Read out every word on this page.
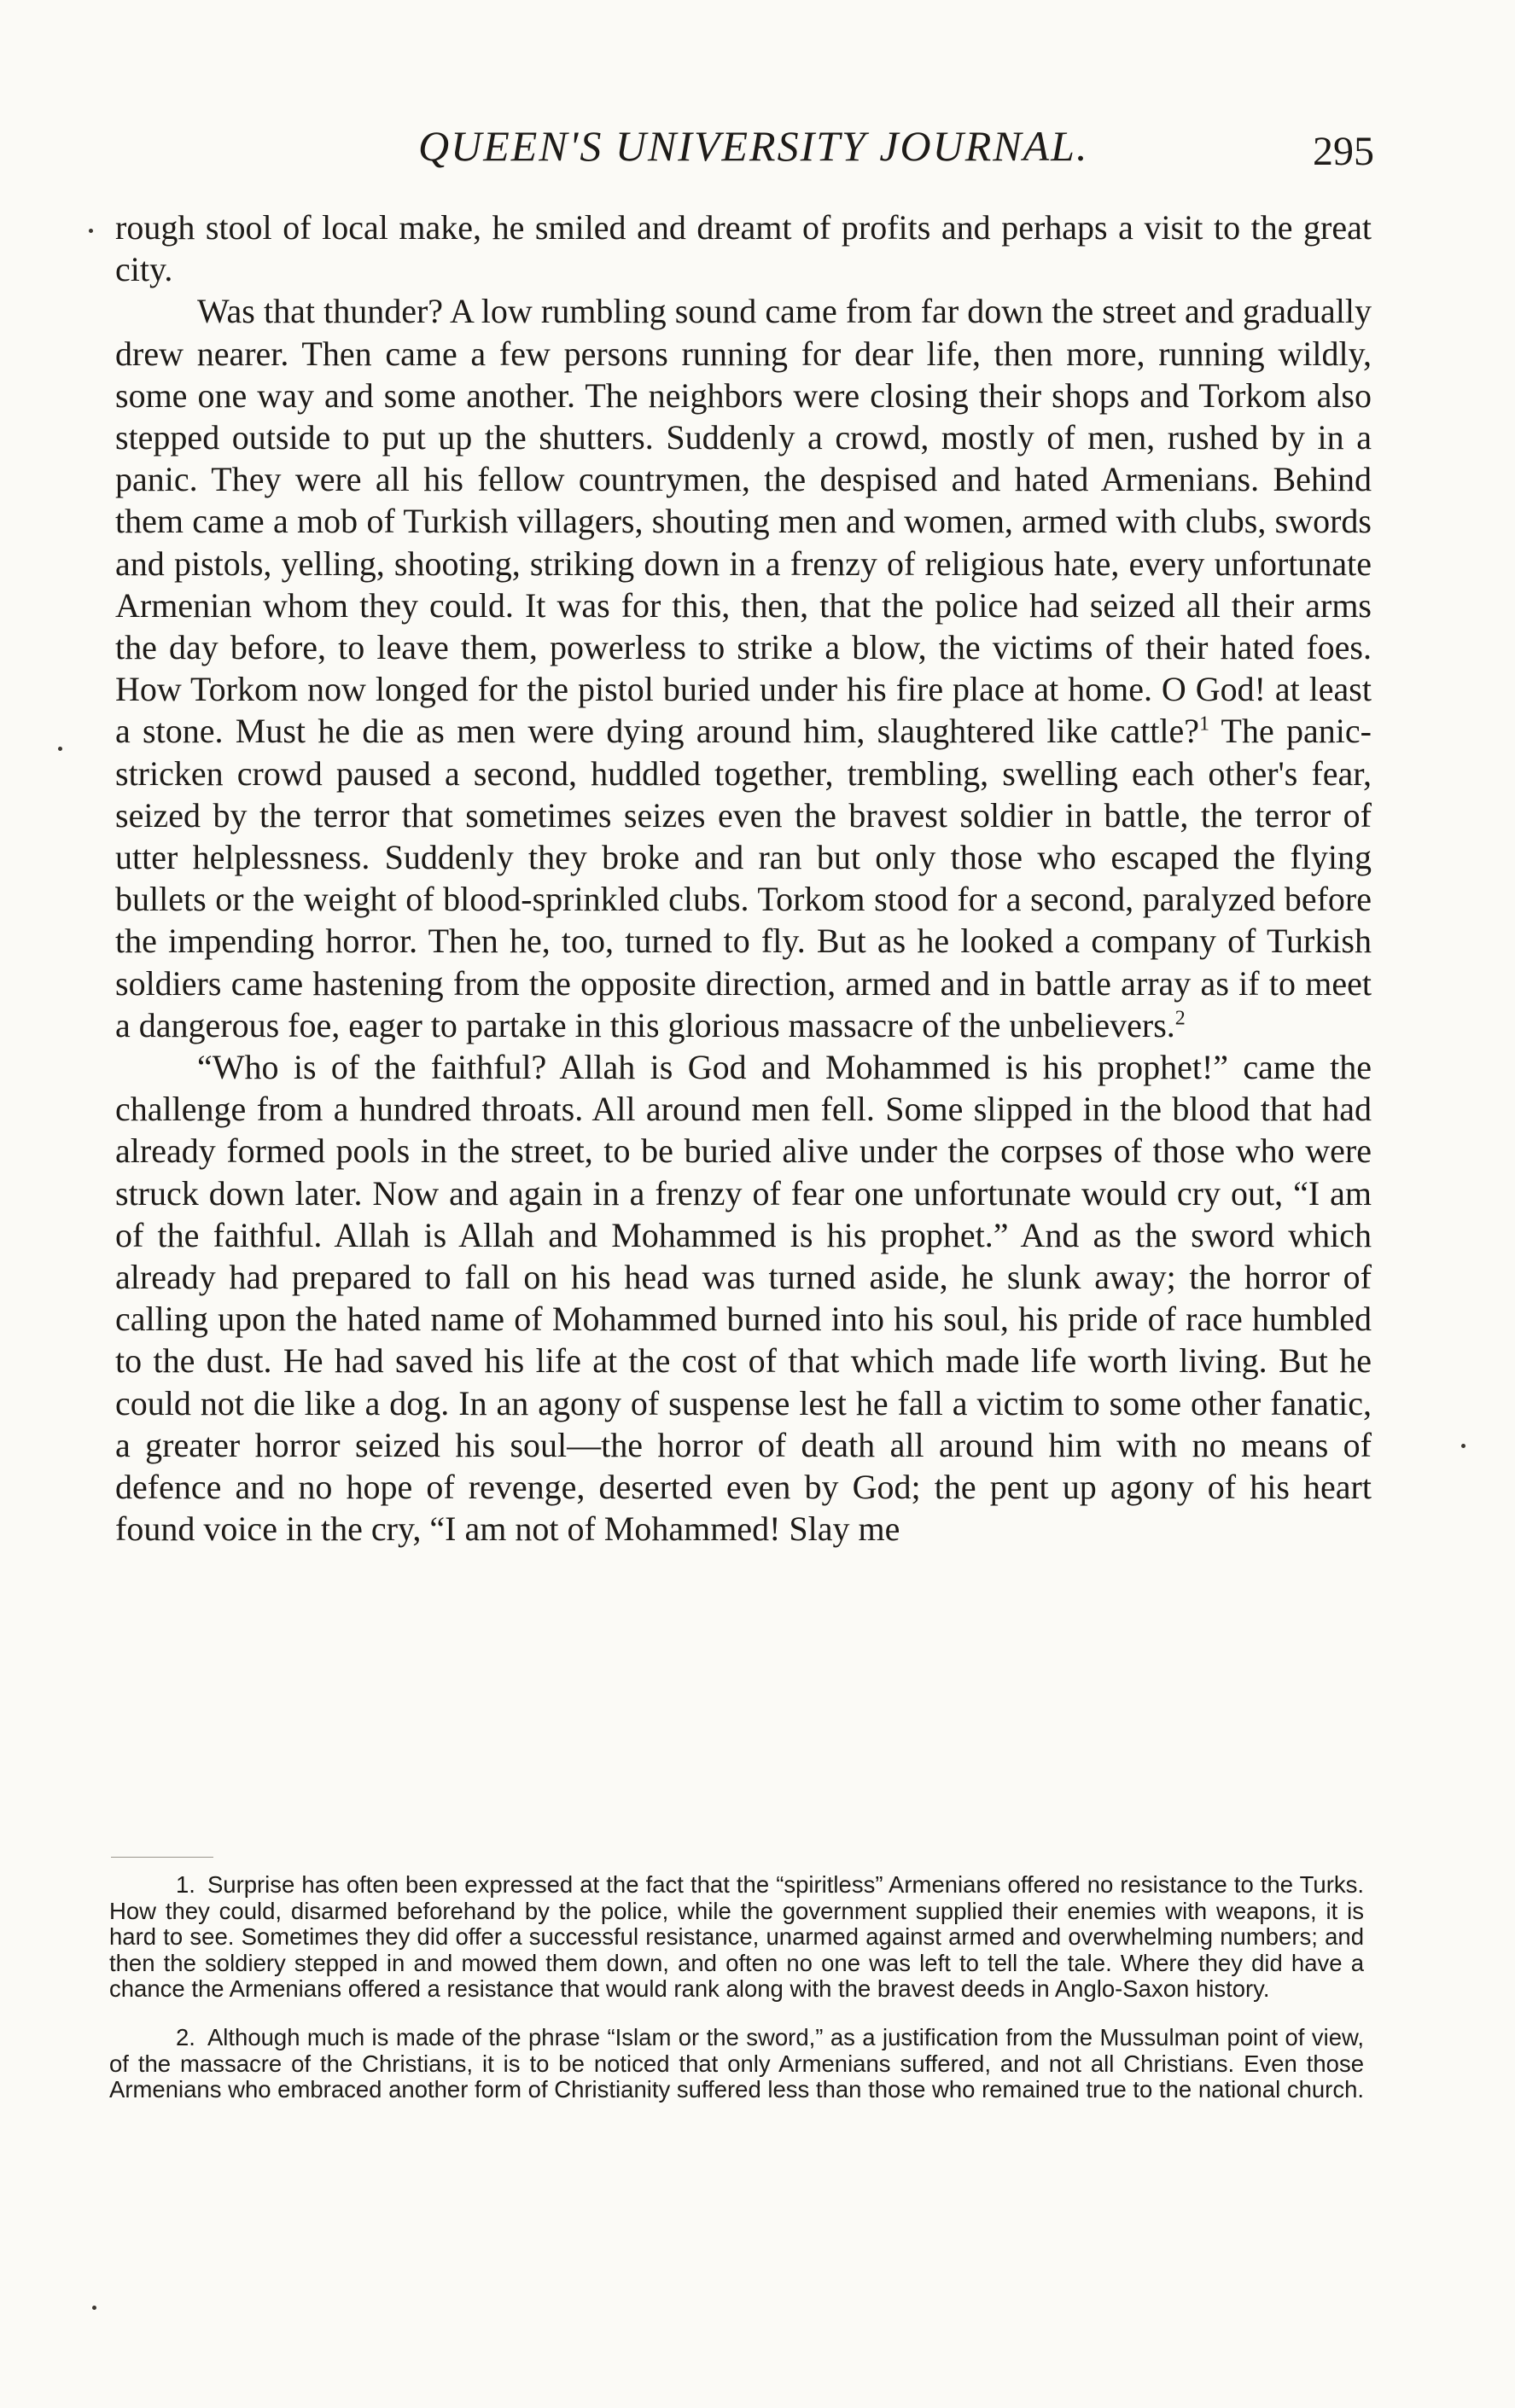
QUEEN'S UNIVERSITY JOURNAL.	295

rough stool of local make, he smiled and dreamt of profits and perhaps a visit to the great city.

Was that thunder? A low rumbling sound came from far down the street and gradually drew nearer. Then came a few persons running for dear life, then more, running wildly, some one way and some another. The neighbors were closing their shops and Torkom also stepped outside to put up the shutters. Suddenly a crowd, mostly of men, rushed by in a panic. They were all his fellow countrymen, the despised and hated Armenians. Behind them came a mob of Turkish villagers, shouting men and women, armed with clubs, swords and pistols, yelling, shooting, striking down in a frenzy of religious hate, every unfortunate Armenian whom they could. It was for this, then, that the police had seized all their arms the day before, to leave them, powerless to strike a blow, the victims of their hated foes. How Torkom now longed for the pistol buried under his fire place at home. O God! at least a stone. Must he die as men were dying around him, slaughtered like cattle?$^1$ The panic-stricken crowd paused a second, huddled together, trembling, swelling each other's fear, seized by the terror that sometimes seizes even the bravest soldier in battle, the terror of utter helplessness. Suddenly they broke and ran but only those who escaped the flying bullets or the weight of blood-sprinkled clubs. Torkom stood for a second, paralyzed before the impending horror. Then he, too, turned to fly. But as he looked a company of Turkish soldiers came hastening from the opposite direction, armed and in battle array as if to meet a dangerous foe, eager to partake in this glorious massacre of the unbelievers.$^2$

“Who is of the faithful? Allah is God and Mohammed is his prophet!” came the challenge from a hundred throats. All around men fell. Some slipped in the blood that had already formed pools in the street, to be buried alive under the corpses of those who were struck down later. Now and again in a frenzy of fear one unfortunate would cry out, “I am of the faithful. Allah is Allah and Mohammed is his prophet.” And as the sword which already had prepared to fall on his head was turned aside, he slunk away; the horror of calling upon the hated name of Mohammed burned into his soul, his pride of race humbled to the dust. He had saved his life at the cost of that which made life worth living. But he could not die like a dog. In an agony of suspense lest he fall a victim to some other fanatic, a greater horror seized his soul—the horror of death all around him with no means of defence and no hope of revenge, deserted even by God; the pent up agony of his heart found voice in the cry, “I am not of Mohammed! Slay me

1. Surprise has often been expressed at the fact that the “spiritless” Armenians offered no resistance to the Turks. How they could, disarmed beforehand by the police, while the government supplied their enemies with weapons, it is hard to see. Sometimes they did offer a successful resistance, unarmed against armed and overwhelming numbers; and then the soldiery stepped in and mowed them down, and often no one was left to tell the tale. Where they did have a chance the Armenians offered a resistance that would rank along with the bravest deeds in Anglo-Saxon history.

2. Although much is made of the phrase “Islam or the sword,” as a justification from the Mussulman point of view, of the massacre of the Christians, it is to be noticed that only Armenians suffered, and not all Christians. Even those Armenians who embraced another form of Christianity suffered less than those who remained true to the national church.
